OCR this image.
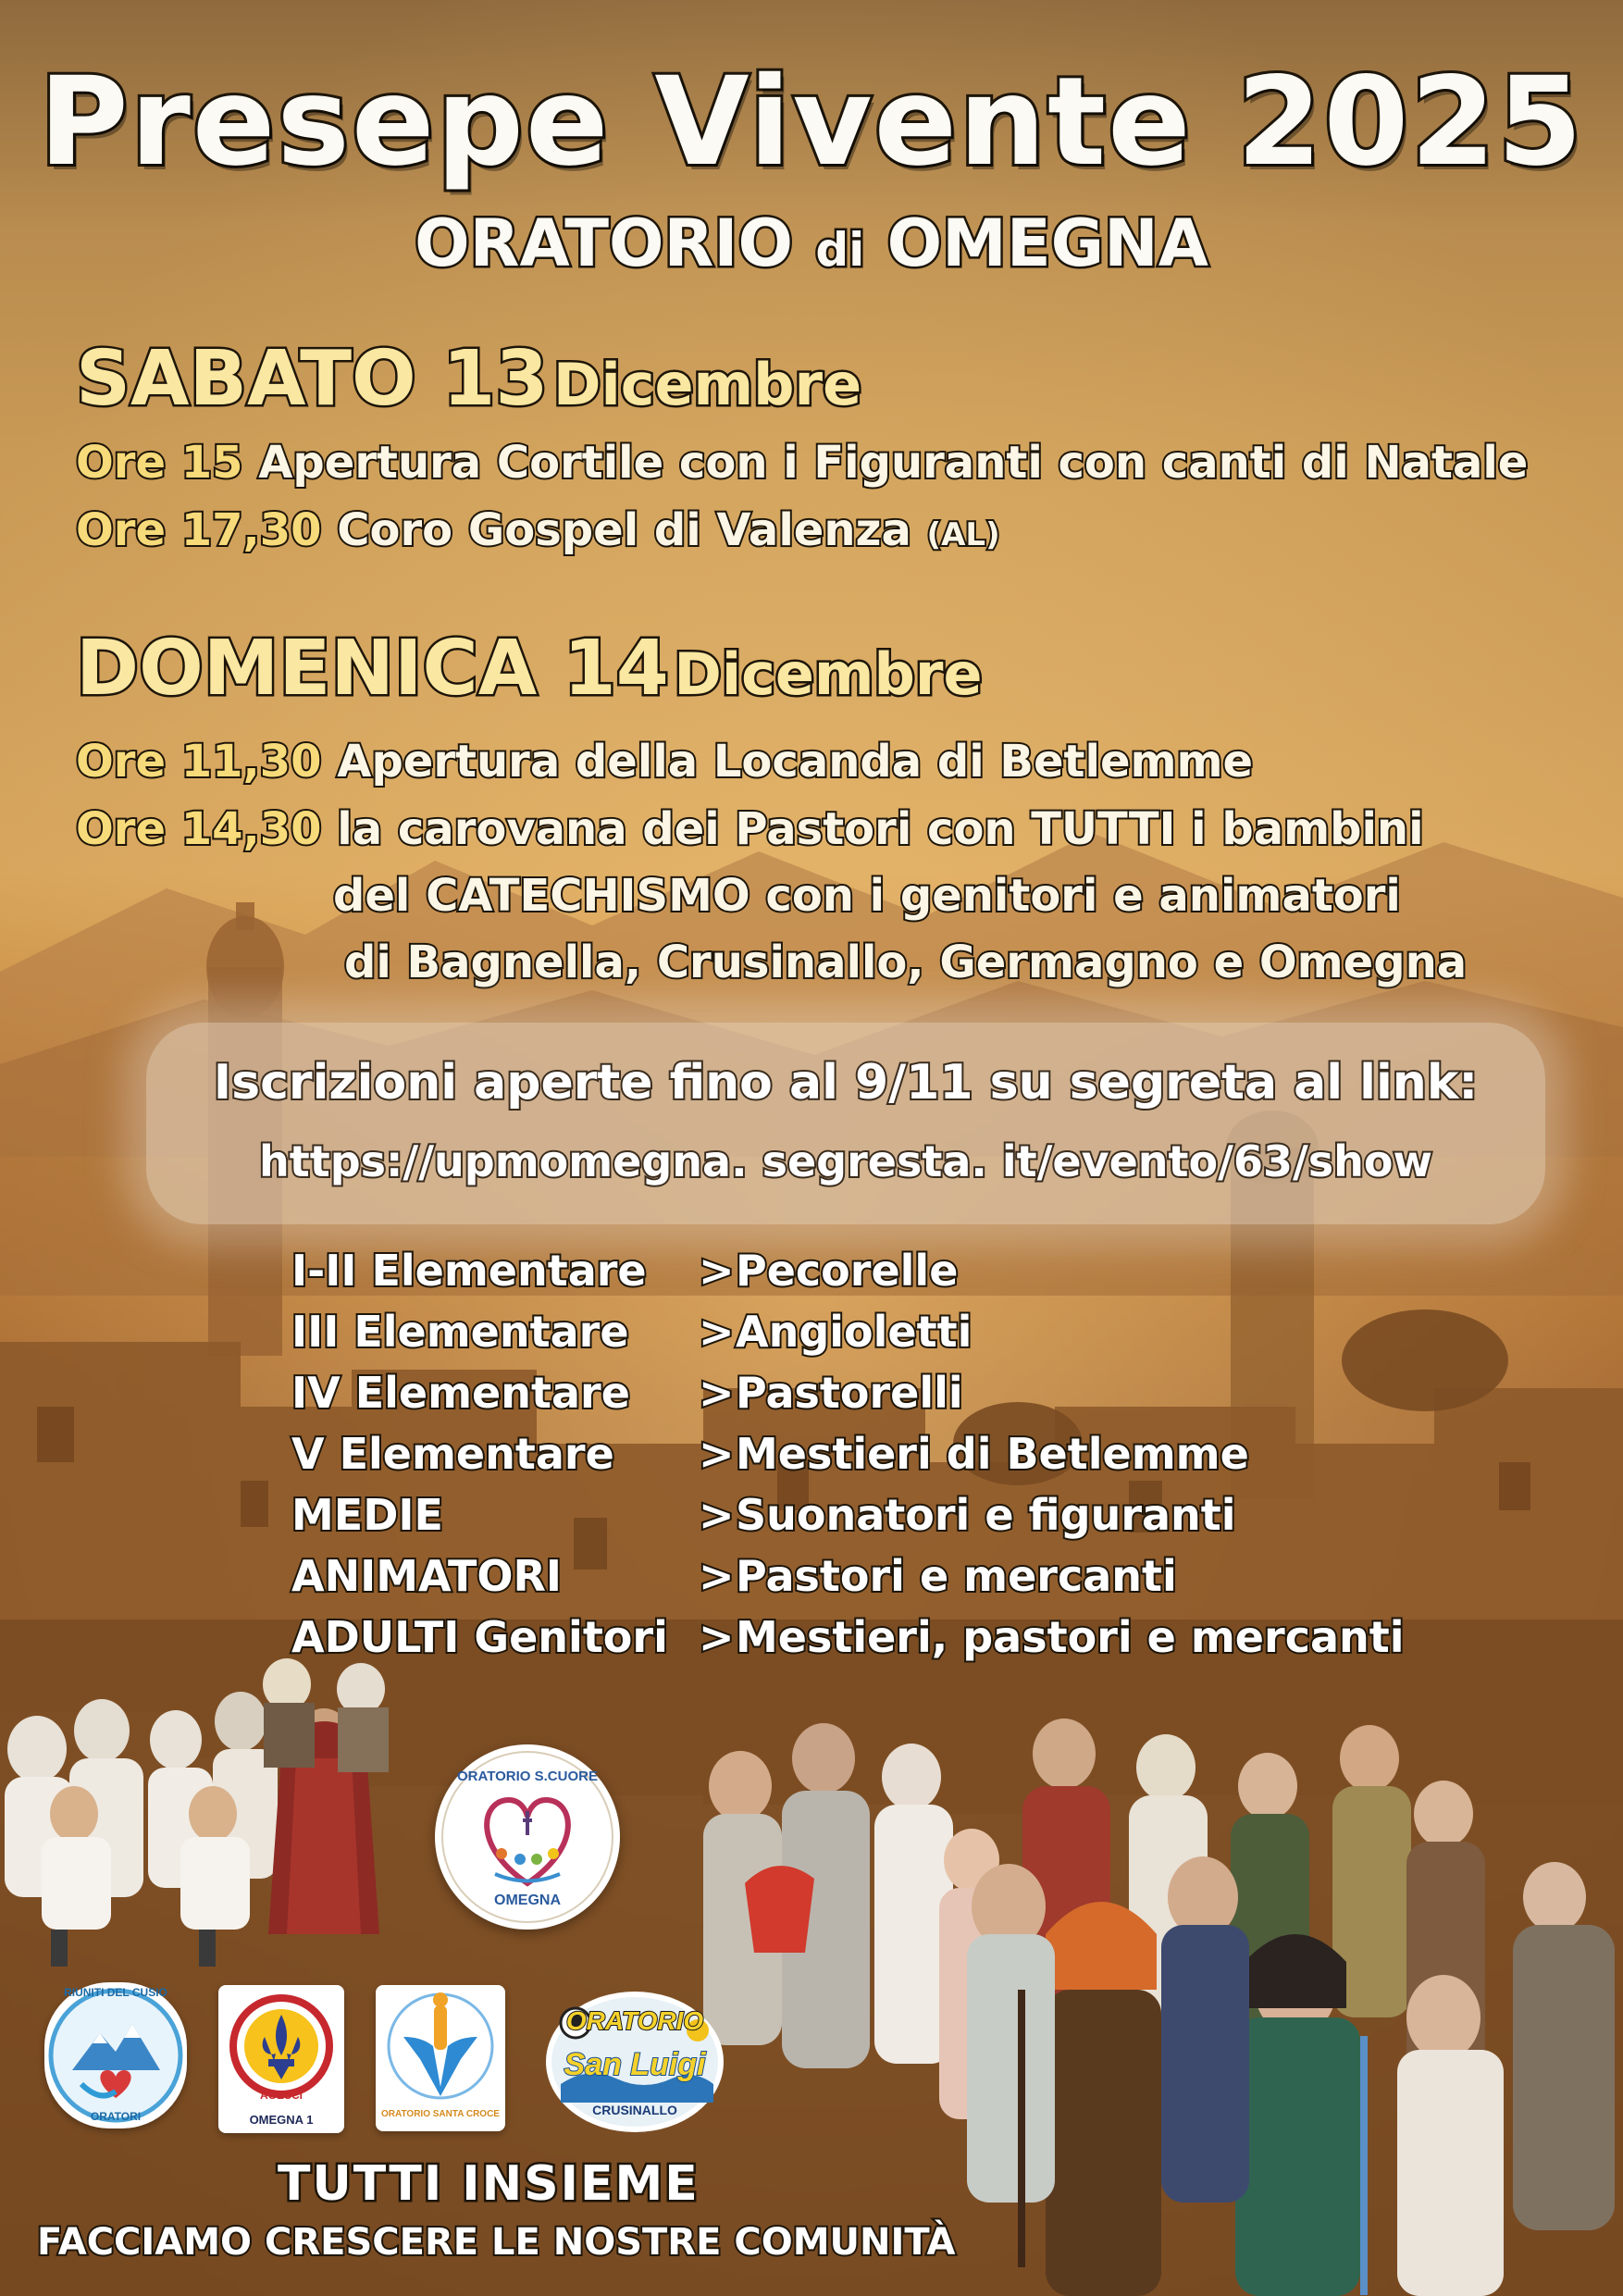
Presepe Vivente 2025
ORATORIO di OMEGNA
SABATO 13 Dicembre
Ore 15 Apertura Cortile con i Figuranti con canti di Natale
Ore 17,30 Coro Gospel di Valenza (AL)
DOMENICA 14 Dicembre
Ore 11,30 Apertura della Locanda di Betlemme
Ore 14,30 la carovana dei Pastori con TUTTI i bambini
del CATECHISMO con i genitori e animatori
di Bagnella, Crusinallo, Germagno e Omegna
Iscrizioni aperte fino al 9/11 su segreta al link:
https://upmomegna. segresta. it/evento/63/show
I-II Elementare	> Pecorelle
III Elementare	> Angioletti
IV Elementare	> Pastorelli
V Elementare	> Mestieri di Betlemme
MEDIE	> Suonatori e figuranti
ANIMATORI	> Pastori e mercanti
ADULTI Genitori > Mestieri, pastori e mercanti
ORATORIO S.CUORE
OMEGNA
RIUNITI DEL CUSIO
ORATORI
AGESCI
OMEGNA 1	ORATORIO SANTA CROCE
ORATORIO
San Luigi
CRUSINALLO
TUTTI INSIEME
FACCIAMO CRESCERE LE NOSTRE COMUNITÀ
